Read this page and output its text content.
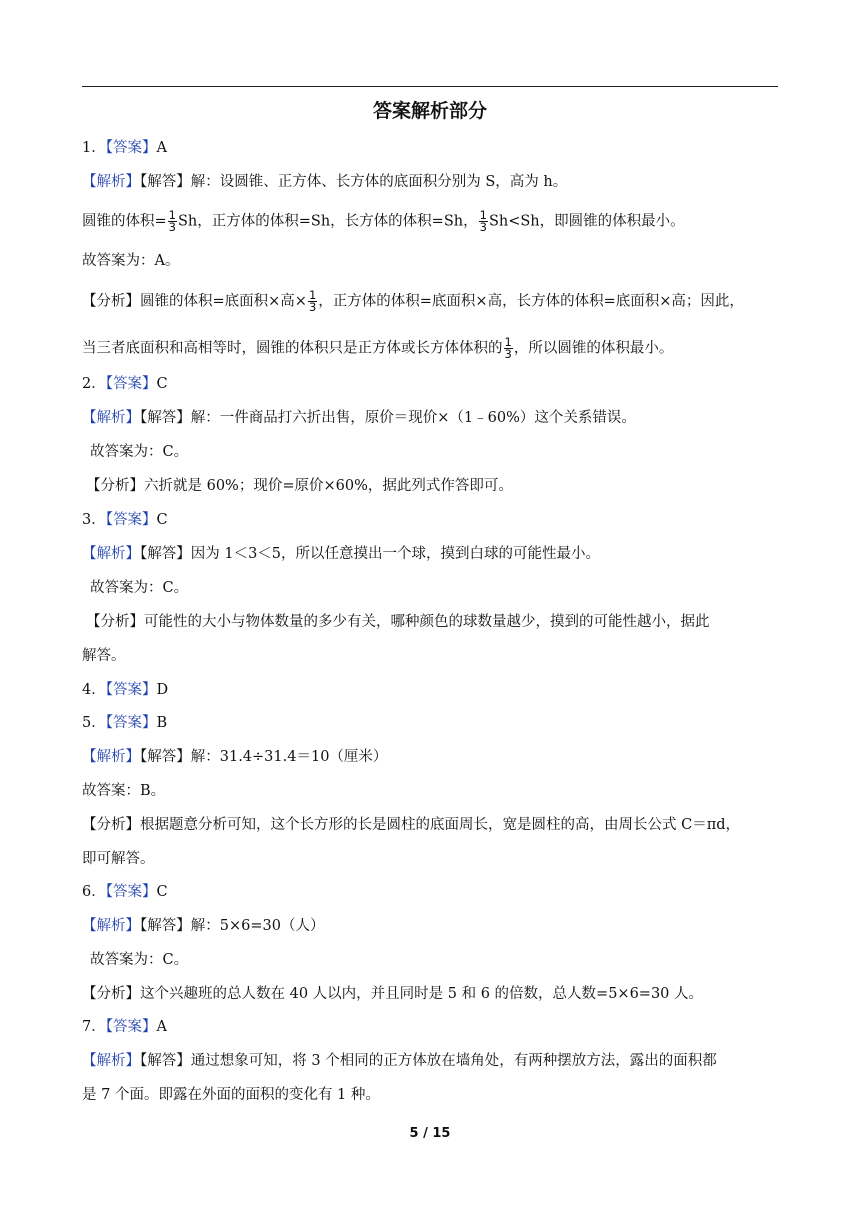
答案解析部分
1．【答案】A
【解析】【解答】解：设圆锥、正方体、长方体的底面积分别为 S，高为 h。
圆锥的体积= $\frac{1}{3}$ Sh，正方体的体积=Sh，长方体的体积=Sh， $\frac{1}{3} Sh<Sh$，即圆锥的体积最小。
故答案为：A。
【分析】圆锥的体积=底面积×高× $\frac{1}{3}$ ，正方体的体积=底面积×高，长方体的体积=底面积×高；因此，
当三者底面积和高相等时，圆锥的体积只是正方体或长方体体积的 $\frac{1}{3}$ ，所以圆锥的体积最小。
2．【答案】C
【解析】【解答】解：一件商品打六折出售，原价＝现价×（1﹣60%）这个关系错误。
故答案为：C。
【分析】六折就是 60%；现价=原价×60%，据此列式作答即可。
3．【答案】C
【解析】【解答】因为 1＜3＜5，所以任意摸出一个球，摸到白球的可能性最小。
故答案为：C。
【分析】可能性的大小与物体数量的多少有关，哪种颜色的球数量越少，摸到的可能性越小，据此
解答。
4．【答案】D
5．【答案】B
【解析】【解答】解：31.4÷31.4＝10（厘米）
故答案：B。
【分析】根据题意分析可知，这个长方形的长是圆柱的底面周长，宽是圆柱的高，由周长公式 C＝πd，
即可解答。
6．【答案】C
【解析】【解答】解：5×6=30（人）
故答案为：C。
【分析】这个兴趣班的总人数在 40 人以内，并且同时是 5 和 6 的倍数，总人数=5×6=30 人。
7．【答案】A
【解析】【解答】通过想象可知，将 3 个相同的正方体放在墙角处，有两种摆放方法，露出的面积都
是 7 个面。即露在外面的面积的变化有 1 种。
5 / 15
